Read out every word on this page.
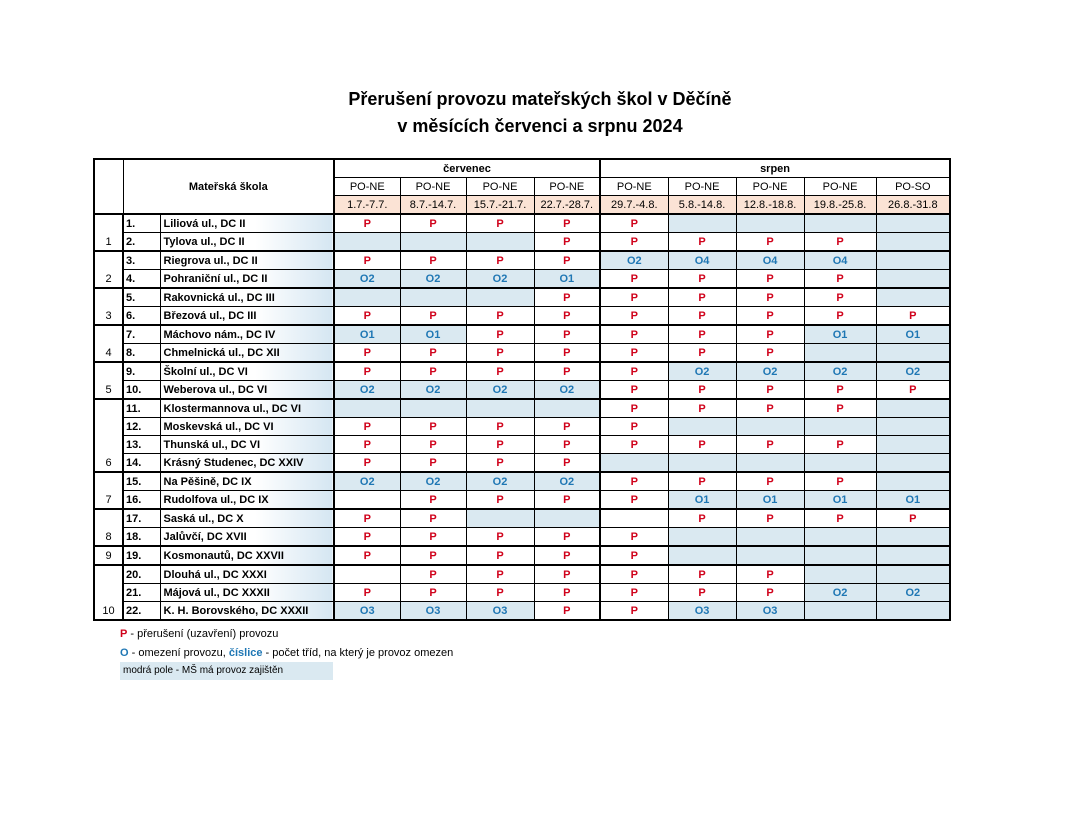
Přerušení provozu mateřských škol v Děčíně
v měsících červenci a srpnu 2024
	Mateřská škola		červenec				srpen				
			PO-NE	PO-NE	PO-NE	PO-NE	PO-NE	PO-NE	PO-NE	PO-NE	PO-SO
			1.7.-7.7.	8.7.-14.7.	15.7.-21.7.	22.7.-28.7.	29.7.-4.8.	5.8.-14.8.	12.8.-18.8.	19.8.-25.8.	26.8.-31.8
1	1.	Liliová ul., DC II	P	P	P	P	P				
	2.	Tylova ul., DC II				P	P	P	P	P	
2	3.	Riegrova ul., DC II	P	P	P	P	O2	O4	O4	O4	
	4.	Pohraniční ul., DC II	O2	O2	O2	O1	P	P	P	P	
3	5.	Rakovnická ul., DC III				P	P	P	P	P	
	6.	Březová ul., DC III	P	P	P	P	P	P	P	P	P
4	7.	Máchovo nám., DC IV	O1	O1	P	P	P	P	P	O1	O1
	8.	Chmelnická ul., DC XII	P	P	P	P	P	P	P		
5	9.	Školní ul., DC VI	P	P	P	P	P	O2	O2	O2	O2
	10.	Weberova ul., DC VI	O2	O2	O2	O2	P	P	P	P	P
6	11.	Klostermannova ul., DC VI					P	P	P	P	
	12.	Moskevská ul., DC VI	P	P	P	P	P				
	13.	Thunská ul., DC VI	P	P	P	P	P	P	P	P	
	14.	Krásný Studenec, DC XXIV	P	P	P	P					
7	15.	Na Pěšině, DC IX	O2	O2	O2	O2	P	P	P	P	
	16.	Rudolfova ul., DC IX		P	P	P	P	O1	O1	O1	O1
8	17.	Saská ul., DC X	P	P				P	P	P	P
	18.	Jalůvčí, DC XVII	P	P	P	P	P				
9	19.	Kosmonautů, DC XXVII	P	P	P	P	P				
10	20.	Dlouhá ul., DC XXXI		P	P	P	P	P	P		
	21.	Májová ul., DC XXXII	P	P	P	P	P	P	P	O2	O2
	22.	K. H. Borovského, DC XXXII	O3	O3	O3	P	P	O3	O3		
P - přerušení (uzavření) provozu
O - omezení provozu, číslice - počet tříd, na který je provoz omezen
modrá pole - MŠ má provoz zajištěn
